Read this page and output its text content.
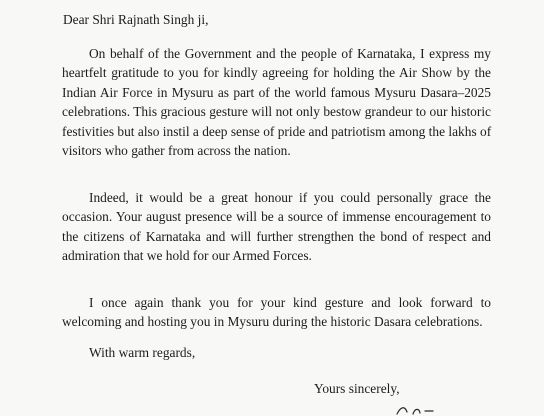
Dear Shri Rajnath Singh ji,
On behalf of the Government and the people of Karnataka, I express my
heartfelt gratitude to you for kindly agreeing for holding the Air Show by the
Indian Air Force in Mysuru as part of the world famous Mysuru Dasara–2025
celebrations. This gracious gesture will not only bestow grandeur to our historic
festivities but also instil a deep sense of pride and patriotism among the lakhs of
visitors who gather from across the nation.
Indeed, it would be a great honour if you could personally grace the
occasion. Your august presence will be a source of immense encouragement to
the citizens of Karnataka and will further strengthen the bond of respect and
admiration that we hold for our Armed Forces.
I once again thank you for your kind gesture and look forward to
welcoming and hosting you in Mysuru during the historic Dasara celebrations.
With warm regards,
Yours sincerely,
